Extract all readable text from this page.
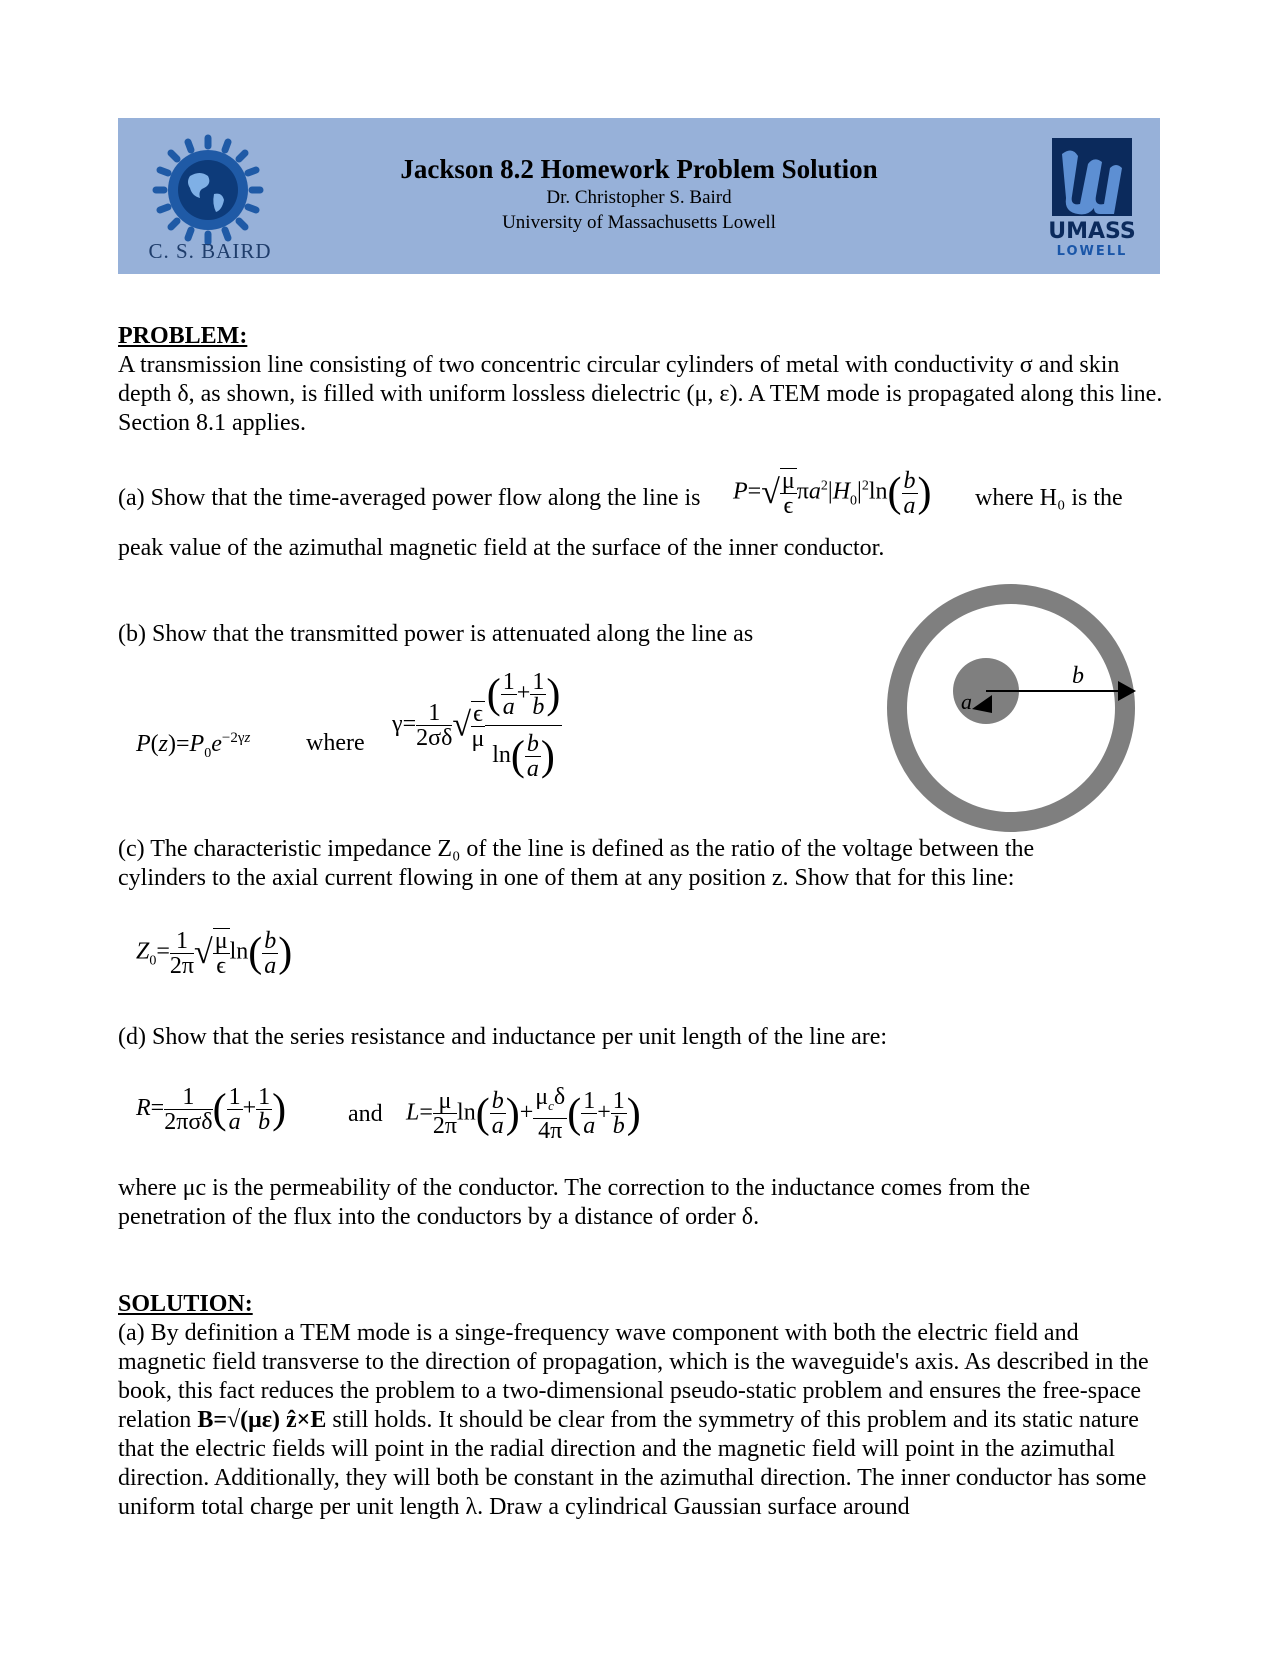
C. S. BAIRD
Jackson 8.2 Homework Problem Solution
Dr. Christopher S. Baird
University of Massachusetts Lowell	UMASS
LOWELL
PROBLEM:
A transmission line consisting of two concentric circular cylinders of metal with conductivity σ and skin depth δ, as shown, is filled with uniform lossless dielectric (μ, ε). A TEM mode is propagated along this line. Section 8.1 applies.
(a) Show that the time-averaged power flow along the line is $P=√ \frac{\mu}{\epsilon} \pi a^2|H_0|^2\ln( \frac{b}{a}$ ) where H₀ is the
peak value of the azimuthal magnetic field at the surface of the inner conductor.
(b) Show that the transmitted power is attenuated along the line as
$P(z)=P_0e^{-2\gamma z}$ where
$\gamma= \frac{1}{2\sigma\delta}$ √ $\frac{\epsilon}{\mu} \frac{( \frac{1}{a} + \frac{1}{b} )}{\ln( \frac{b}{a} )}$	a
b
(c) The characteristic impedance Z₀ of the line is defined as the ratio of the voltage between the cylinders to the axial current flowing in one of them at any position z. Show that for this line:
$Z_0= \frac{1}{2\pi}$ √ $\frac{\mu}{\epsilon} \ln( \frac{b}{a}$ )
(d) Show that the series resistance and inductance per unit length of the line are:
$R= \frac{1}{\text{2πσδ}}$ ( $\frac{1}{a} + \frac{1}{b}$ )	and $L= \frac{\mu}{2\pi} \ln( \frac{b}{a}$ )+ $\frac{\mu_c\delta}{4\pi}$ ( $\frac{1}{a} + \frac{1}{b}$ )
where μc is the permeability of the conductor. The correction to the inductance comes from the penetration of the flux into the conductors by a distance of order δ.
SOLUTION:
(a) By definition a TEM mode is a singe-frequency wave component with both the electric field and magnetic field transverse to the direction of propagation, which is the waveguide's axis. As described in the book, this fact reduces the problem to a two-dimensional pseudo-static problem and ensures the free-space relation B=√(με) ẑ×E still holds. It should be clear from the symmetry of this problem and its static nature that the electric fields will point in the radial direction and the magnetic field will point in the azimuthal direction. Additionally, they will both be constant in the azimuthal direction. The inner conductor has some uniform total charge per unit length λ. Draw a cylindrical Gaussian surface around
